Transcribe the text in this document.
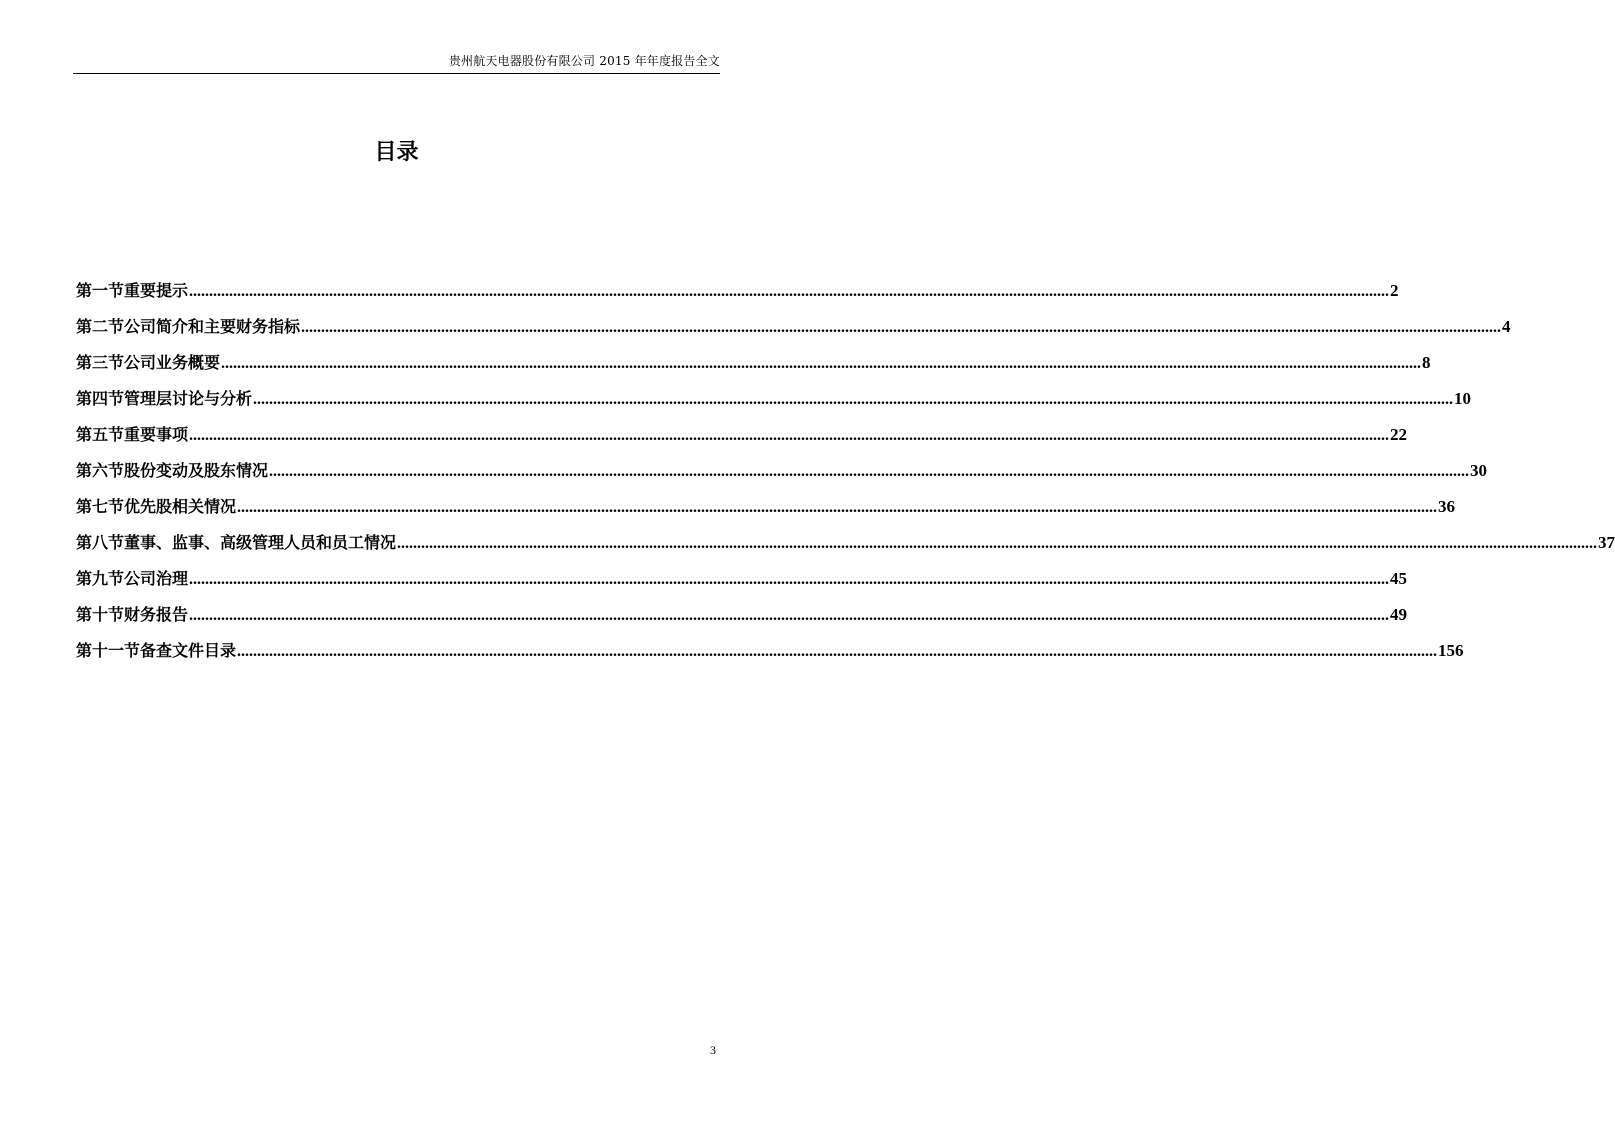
贵州航天电器股份有限公司 2015 年年度报告全文
目录
第一节 重要提示 ............................................................................................................................................................................................................................................................................................................ 2
第二节 公司简介和主要财务指标 ............................................................................................................................................................................................................................................................................................................ 4
第三节 公司业务概要 ............................................................................................................................................................................................................................................................................................................ 8
第四节 管理层讨论与分析 ............................................................................................................................................................................................................................................................................................................ 10
第五节 重要事项 ............................................................................................................................................................................................................................................................................................................ 22
第六节 股份变动及股东情况 ............................................................................................................................................................................................................................................................................................................ 30
第七节 优先股相关情况 ............................................................................................................................................................................................................................................................................................................ 36
第八节 董事、监事、高级管理人员和员工情况 ............................................................................................................................................................................................................................................................................................................ 37
第九节 公司治理 ............................................................................................................................................................................................................................................................................................................ 45
第十节 财务报告 ............................................................................................................................................................................................................................................................................................................ 49
第十一节 备查文件目录 ............................................................................................................................................................................................................................................................................................................ 156
3
